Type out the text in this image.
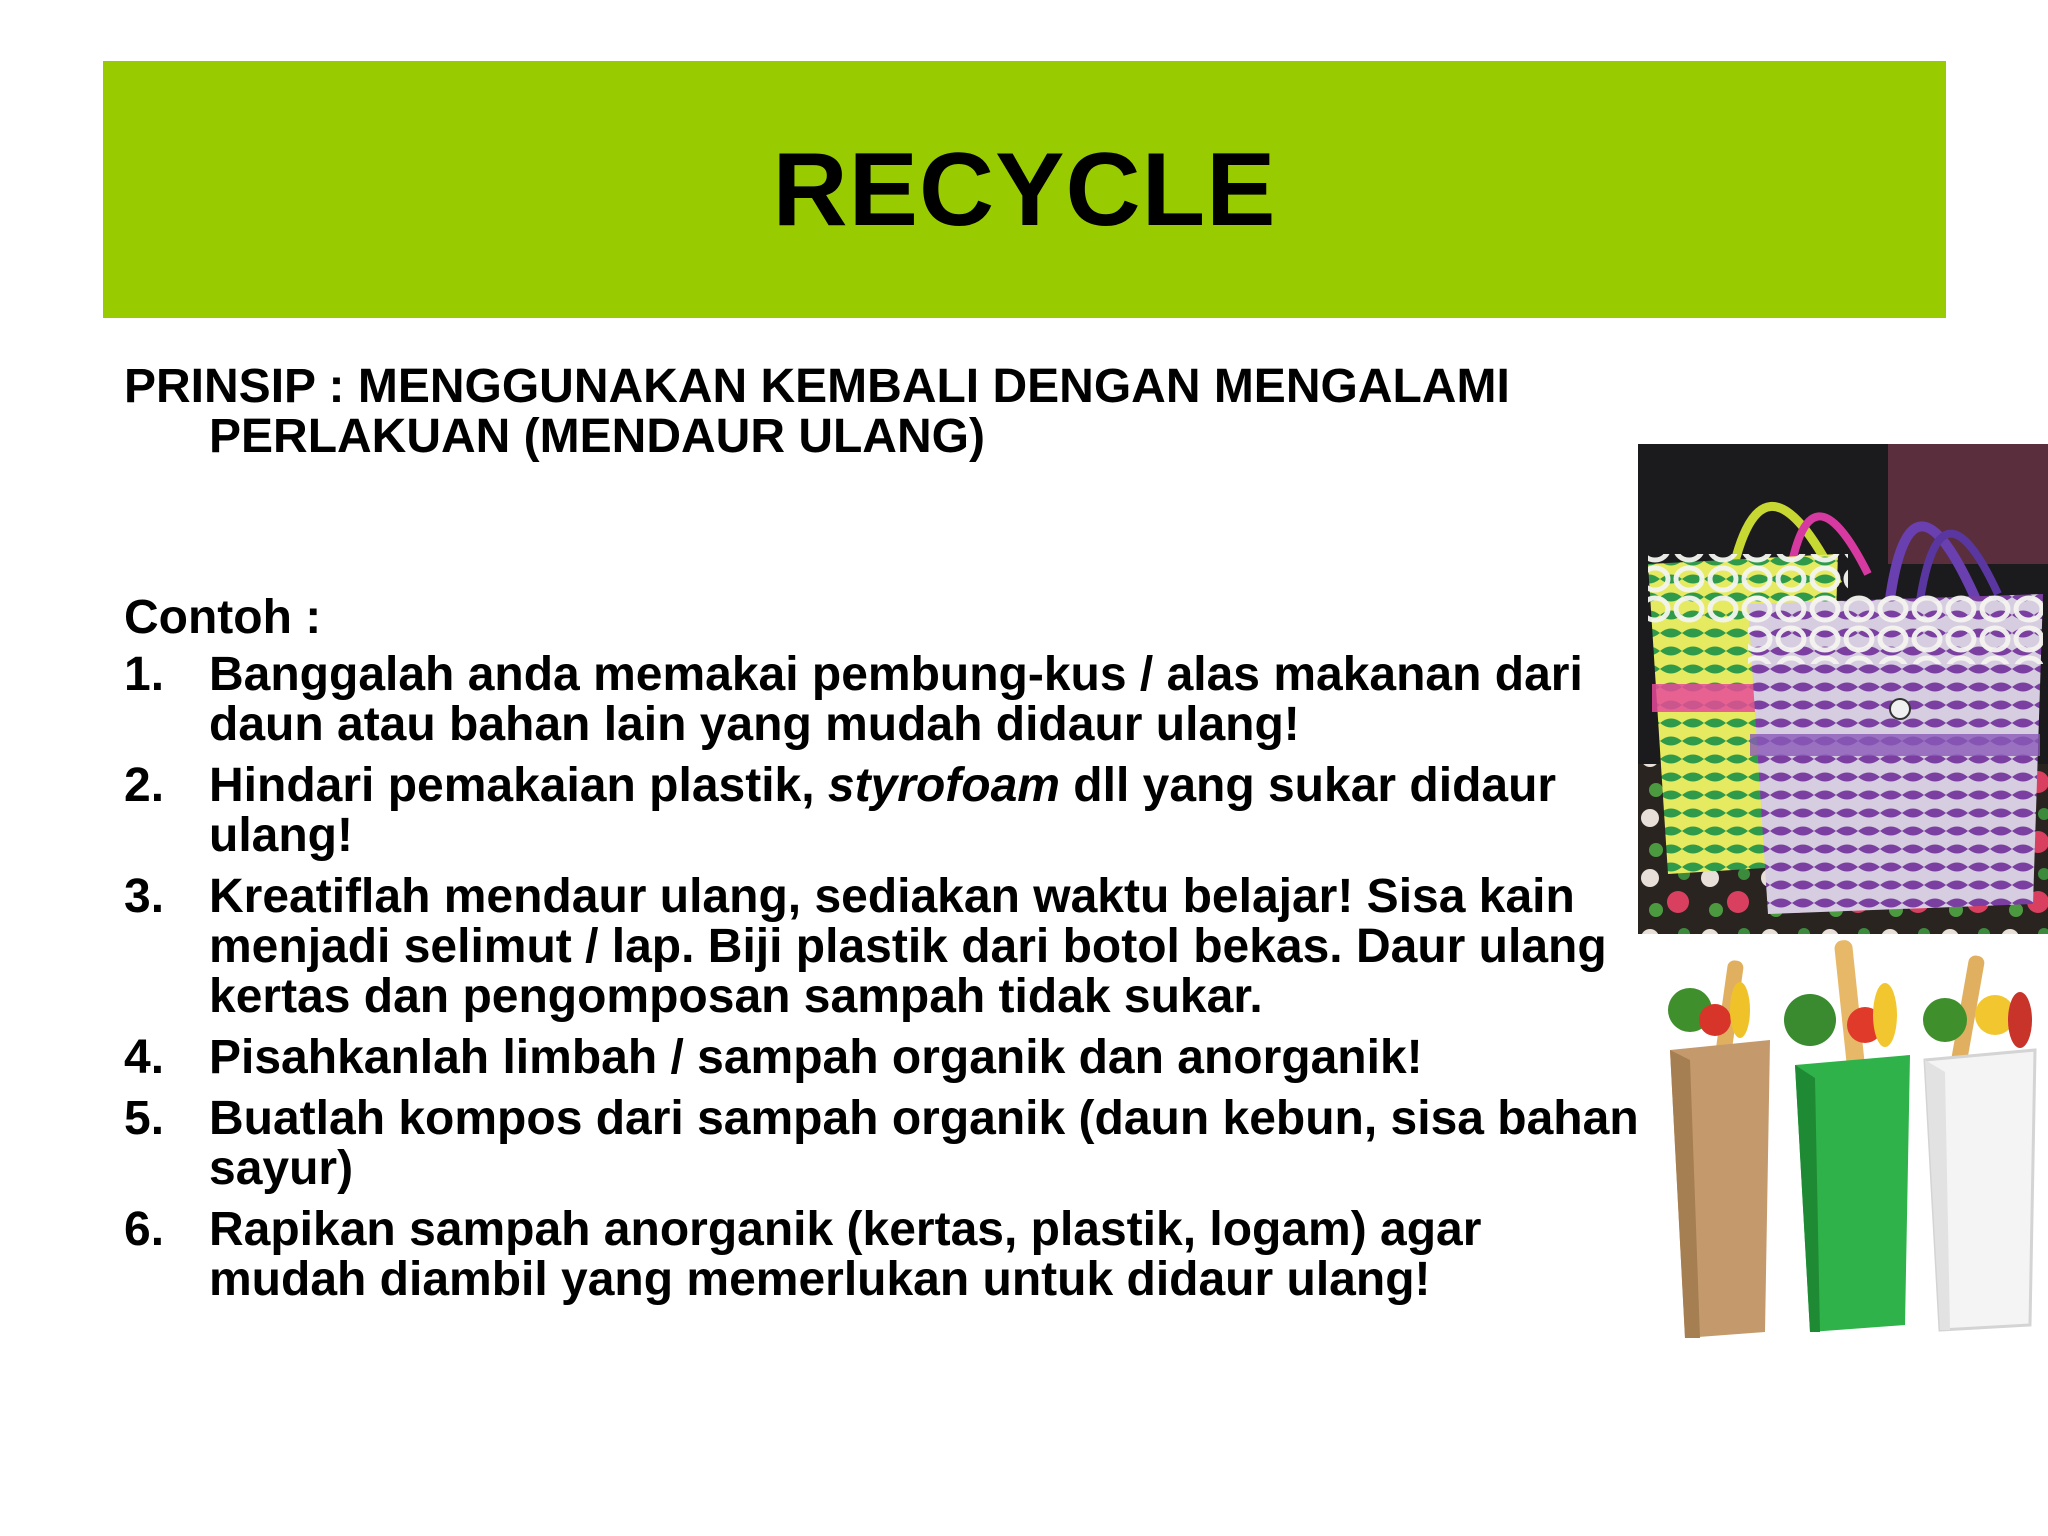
RECYCLE

PRINSIP : MENGGUNAKAN KEMBALI DENGAN MENGALAMI PERLAKUAN (MENDAUR ULANG)

Contoh :

1. Banggalah anda memakai pembung-kus / alas makanan dari daun atau bahan lain yang mudah didaur ulang!
2. Hindari pemakaian plastik, styrofoam dll yang sukar didaur ulang!
3. Kreatiflah mendaur ulang, sediakan waktu belajar! Sisa kain menjadi selimut / lap. Biji plastik dari botol bekas. Daur ulang kertas dan pengomposan sampah tidak sukar.
4. Pisahkanlah limbah / sampah organik dan anorganik!
5. Buatlah kompos dari sampah organik (daun kebun, sisa bahan sayur)
6. Rapikan sampah anorganik (kertas, plastik, logam) agar mudah diambil yang memerlukan untuk didaur ulang!
